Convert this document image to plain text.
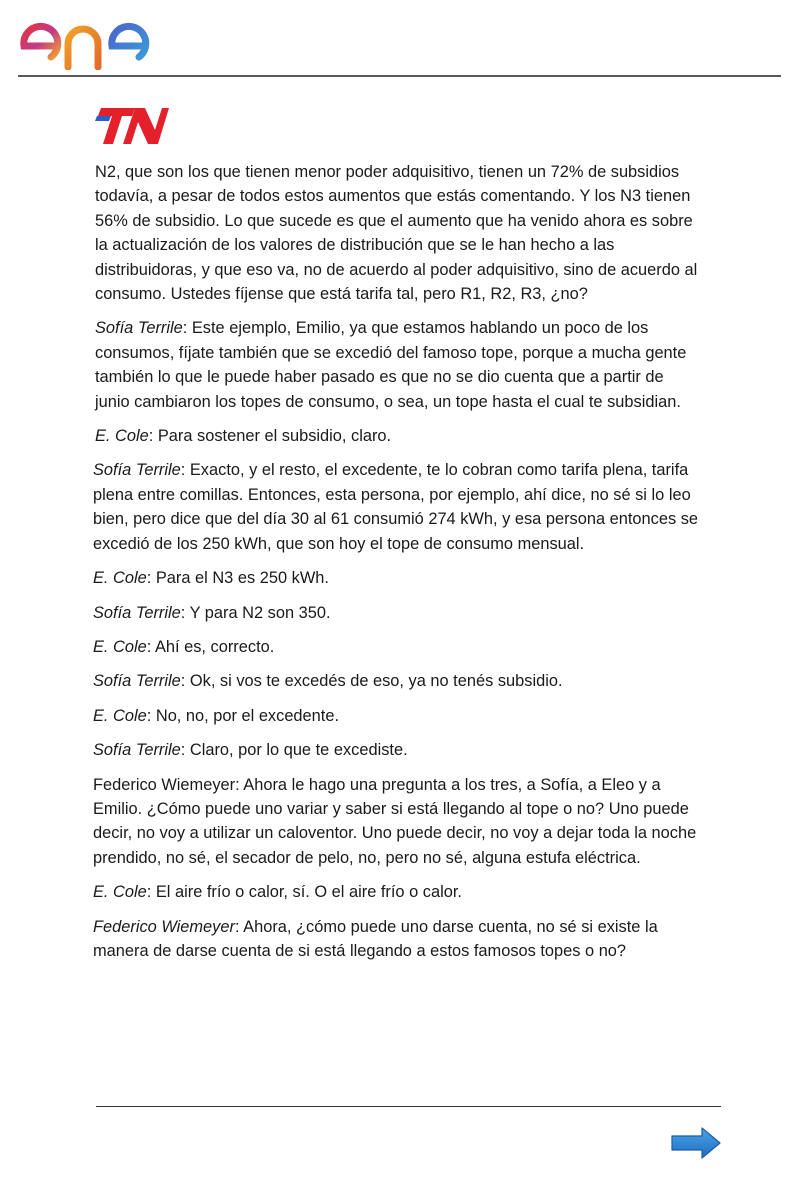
N2, que son los que tienen menor poder adquisitivo, tienen un 72% de subsidios todavía, a pesar de todos estos aumentos que estás comentando. Y los N3 tienen 56% de subsidio. Lo que sucede es que el aumento que ha venido ahora es sobre la actualización de los valores de distribución que se le han hecho a las distribuidoras, y que eso va, no de acuerdo al poder adquisitivo, sino de acuerdo al consumo. Ustedes fíjense que está tarifa tal, pero R1, R2, R3, ¿no?

Sofía Terrile: Este ejemplo, Emilio, ya que estamos hablando un poco de los consumos, fíjate también que se excedió del famoso tope, porque a mucha gente también lo que le puede haber pasado es que no se dio cuenta que a partir de junio cambiaron los topes de consumo, o sea, un tope hasta el cual te subsidian.

E. Cole: Para sostener el subsidio, claro.

Sofía Terrile: Exacto, y el resto, el excedente, te lo cobran como tarifa plena, tarifa plena entre comillas. Entonces, esta persona, por ejemplo, ahí dice, no sé si lo leo bien, pero dice que del día 30 al 61 consumió 274 kWh, y esa persona entonces se excedió de los 250 kWh, que son hoy el tope de consumo mensual.

E. Cole: Para el N3 es 250 kWh.

Sofía Terrile: Y para N2 son 350.

E. Cole: Ahí es, correcto.

Sofía Terrile: Ok, si vos te excedés de eso, ya no tenés subsidio.

E. Cole: No, no, por el excedente.

Sofía Terrile: Claro, por lo que te excediste.

Federico Wiemeyer: Ahora le hago una pregunta a los tres, a Sofía, a Eleo y a Emilio. ¿Cómo puede uno variar y saber si está llegando al tope o no? Uno puede decir, no voy a utilizar un caloventor. Uno puede decir, no voy a dejar toda la noche prendido, no sé, el secador de pelo, no, pero no sé, alguna estufa eléctrica.

E. Cole: El aire frío o calor, sí. O el aire frío o calor.

Federico Wiemeyer: Ahora, ¿cómo puede uno darse cuenta, no sé si existe la manera de darse cuenta de si está llegando a estos famosos topes o no?
